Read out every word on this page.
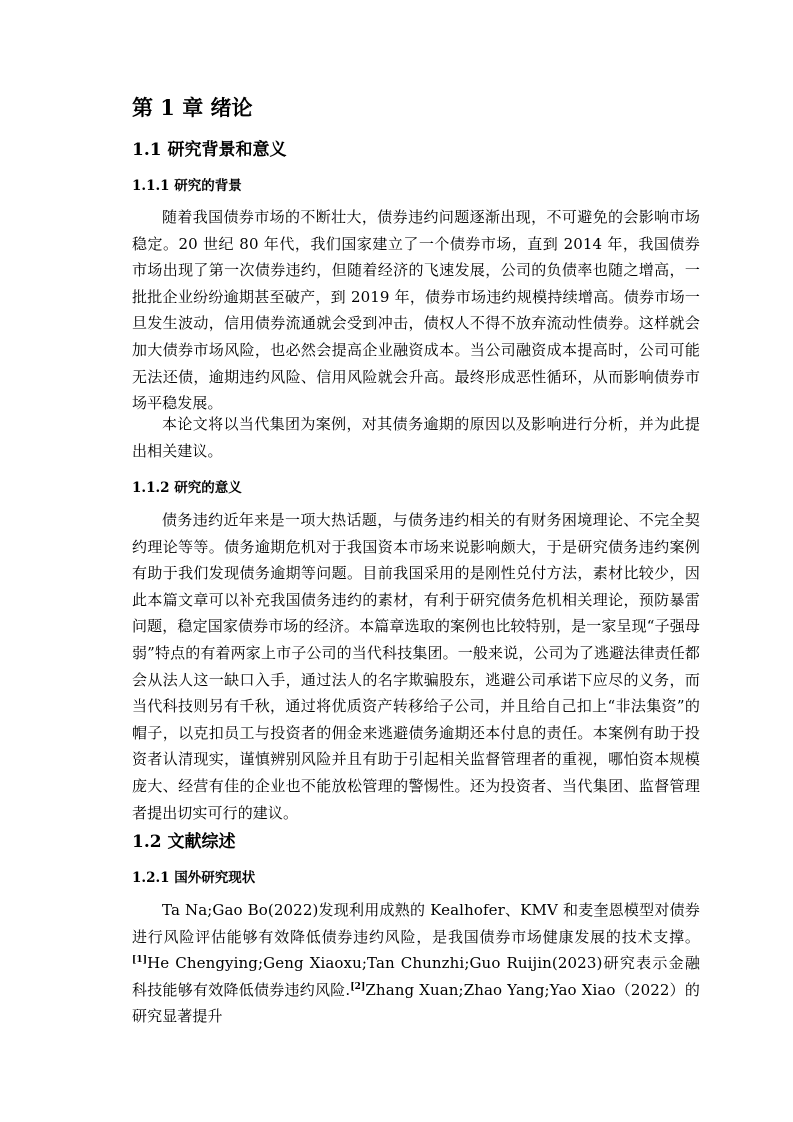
第 1 章 绪论
1.1 研究背景和意义
1.1.1 研究的背景

随着我国债券市场的不断壮大，债券违约问题逐渐出现，不可避免的会影响市场稳定。20 世纪 80 年代，我们国家建立了一个债券市场，直到 2014 年，我国债券市场出现了第一次债券违约，但随着经济的飞速发展，公司的负债率也随之增高，一批批企业纷纷逾期甚至破产，到 2019 年，债券市场违约规模持续增高。债券市场一旦发生波动，信用债券流通就会受到冲击，债权人不得不放弃流动性债券。这样就会加大债券市场风险，也必然会提高企业融资成本。当公司融资成本提高时，公司可能无法还债，逾期违约风险、信用风险就会升高。最终形成恶性循环，从而影响债券市场平稳发展。

本论文将以当代集团为案例，对其债务逾期的原因以及影响进行分析，并为此提出相关建议。

1.1.2 研究的意义

债务违约近年来是一项大热话题，与债务违约相关的有财务困境理论、不完全契约理论等等。债务逾期危机对于我国资本市场来说影响颇大，于是研究债务违约案例有助于我们发现债务逾期等问题。目前我国采用的是刚性兑付方法，素材比较少，因此本篇文章可以补充我国债务违约的素材，有利于研究债务危机相关理论，预防暴雷问题，稳定国家债券市场的经济。本篇章选取的案例也比较特别，是一家呈现“子强母弱”特点的有着两家上市子公司的当代科技集团。一般来说，公司为了逃避法律责任都会从法人这一缺口入手，通过法人的名字欺骗股东，逃避公司承诺下应尽的义务，而当代科技则另有千秋，通过将优质资产转移给子公司，并且给自己扣上“非法集资”的帽子，以克扣员工与投资者的佣金来逃避债务逾期还本付息的责任。本案例有助于投资者认清现实，谨慎辨别风险并且有助于引起相关监督管理者的重视，哪怕资本规模庞大、经营有佳的企业也不能放松管理的警惕性。还为投资者、当代集团、监督管理者提出切实可行的建议。

1.2 文献综述
1.2.1 国外研究现状

Ta Na;Gao Bo(2022)发现利用成熟的 Kealhofer、KMV 和麦奎恩模型对债券进行风险评估能够有效降低债券违约风险，是我国债券市场健康发展的技术支撑。[1]He Chengying;Geng Xiaoxu;Tan Chunzhi;Guo Ruijin(2023)研究表示金融科技能够有效降低债券违约风险.[2]Zhang Xuan;Zhao Yang;Yao Xiao（2022）的研究显著提升
